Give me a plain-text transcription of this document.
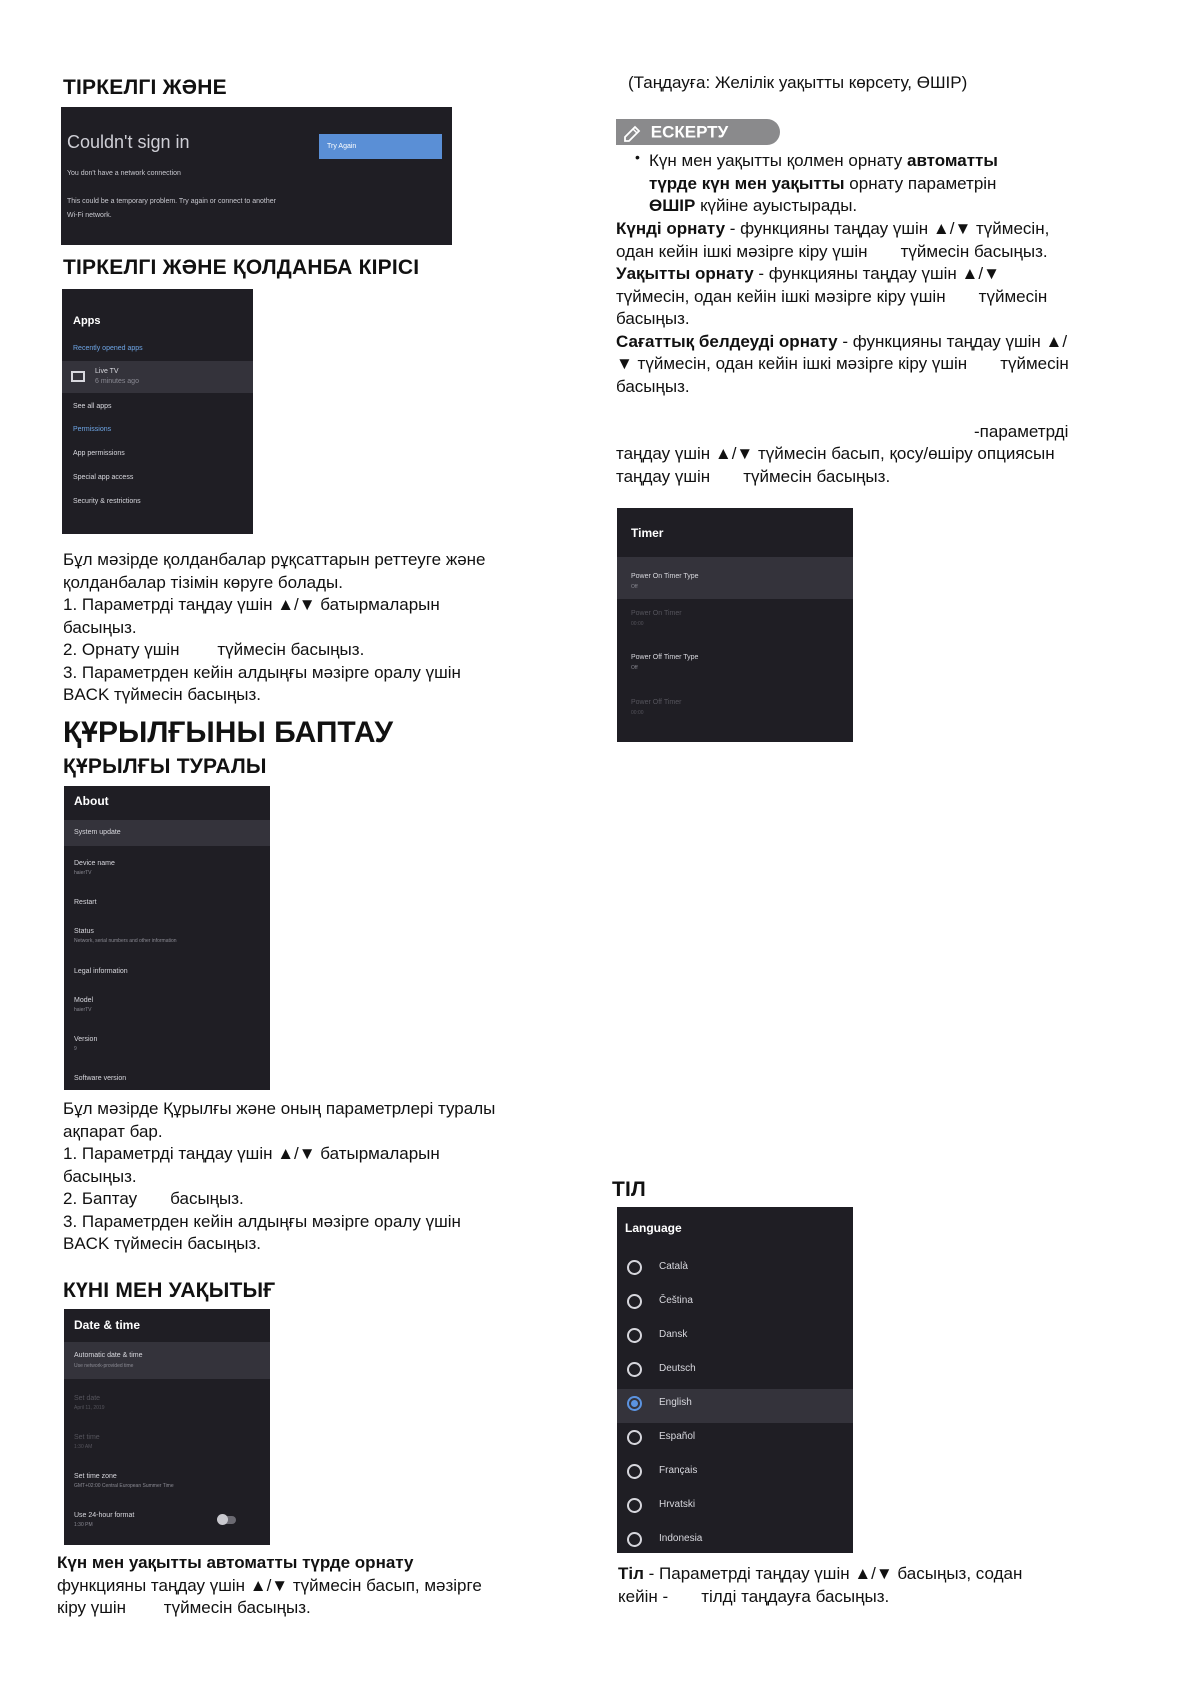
ТІРКЕЛГІ ЖӘНЕ
Couldn't sign in	Try Again
You don't have a network connection
This could be a temporary problem. Try again or connect to another
Wi-Fi network.
ТІРКЕЛГІ ЖӘНЕ ҚОЛДАНБА КІРІСІ
Apps
Recently opened apps
Live TV
6 minutes ago
See all apps
Permissions
App permissions
Special app access
Security & restrictions
Бұл мәзірде қолданбалар рұқсаттарын реттеуге және
қолданбалар тізімін көруге болады.
1. Параметрді таңдау үшін ▲/▼ батырмаларын
басыңыз.
2. Орнату үшін        түймесін басыңыз.
3. Параметрден кейін алдыңғы мәзірге оралу үшін
BACK түймесін басыңыз.
ҚҰРЫЛҒЫНЫ БАПТАУ
ҚҰРЫЛҒЫ ТУРАЛЫ
About
System update
Device name
haierTV
Restart
Status
Network, serial numbers and other information
Legal information
Model
haierTV
Version
9
Software version
Бұл мәзірде Құрылғы және оның параметрлері туралы
ақпарат бар.
1. Параметрді таңдау үшін ▲/▼ батырмаларын
басыңыз.
2. Баптау       басыңыз.
3. Параметрден кейін алдыңғы мәзірге оралу үшін
BACK түймесін басыңыз.
КҮНІ МЕН УАҚЫТЫҒ
Date & time
Automatic date & time
Use network-provided time
Set date
April 11, 2019
Set time
1:30 AM
Set time zone
GMT+02:00 Central European Summer Time
Use 24-hour format
1:30 PM
Күн мен уақытты автоматты түрде орнату
функцияны таңдау үшін ▲/▼ түймесін басып, мәзірге
кіру үшін        түймесін басыңыз.
(Таңдауға: Желілік уақытты көрсету, ӨШІР)
ЕСКЕРТУ
• Күн мен уақытты қолмен орнату автоматты
түрде күн мен уақытты орнату параметрін
ӨШІР күйіне ауыстырады.
Күнді орнату - функцияны таңдау үшін ▲/▼ түймесін,
одан кейін ішкі мәзірге кіру үшін       түймесін басыңыз.
Уақытты орнату - функцияны таңдау үшін ▲/▼
түймесін, одан кейін ішкі мәзірге кіру үшін       түймесін
басыңыз.
Сағаттық белдеуді орнату - функцияны таңдау үшін ▲/
▼ түймесін, одан кейін ішкі мәзірге кіру үшін       түймесін
басыңыз.

-параметрді
таңдау үшін ▲/▼ түймесін басып, қосу/өшіру опциясын
таңдау үшін       түймесін басыңыз.
Timer
Power On Timer Type
Off
Power On Timer
00:00
Power Off Timer Type
Off
Power Off Timer
00:00
ТІЛ
Language
Català
Čeština
Dansk
Deutsch
English
Español
Français
Hrvatski
Indonesia
Тіл - Параметрді таңдау үшін ▲/▼ басыңыз, содан
кейін -       тілді таңдауға басыңыз.
